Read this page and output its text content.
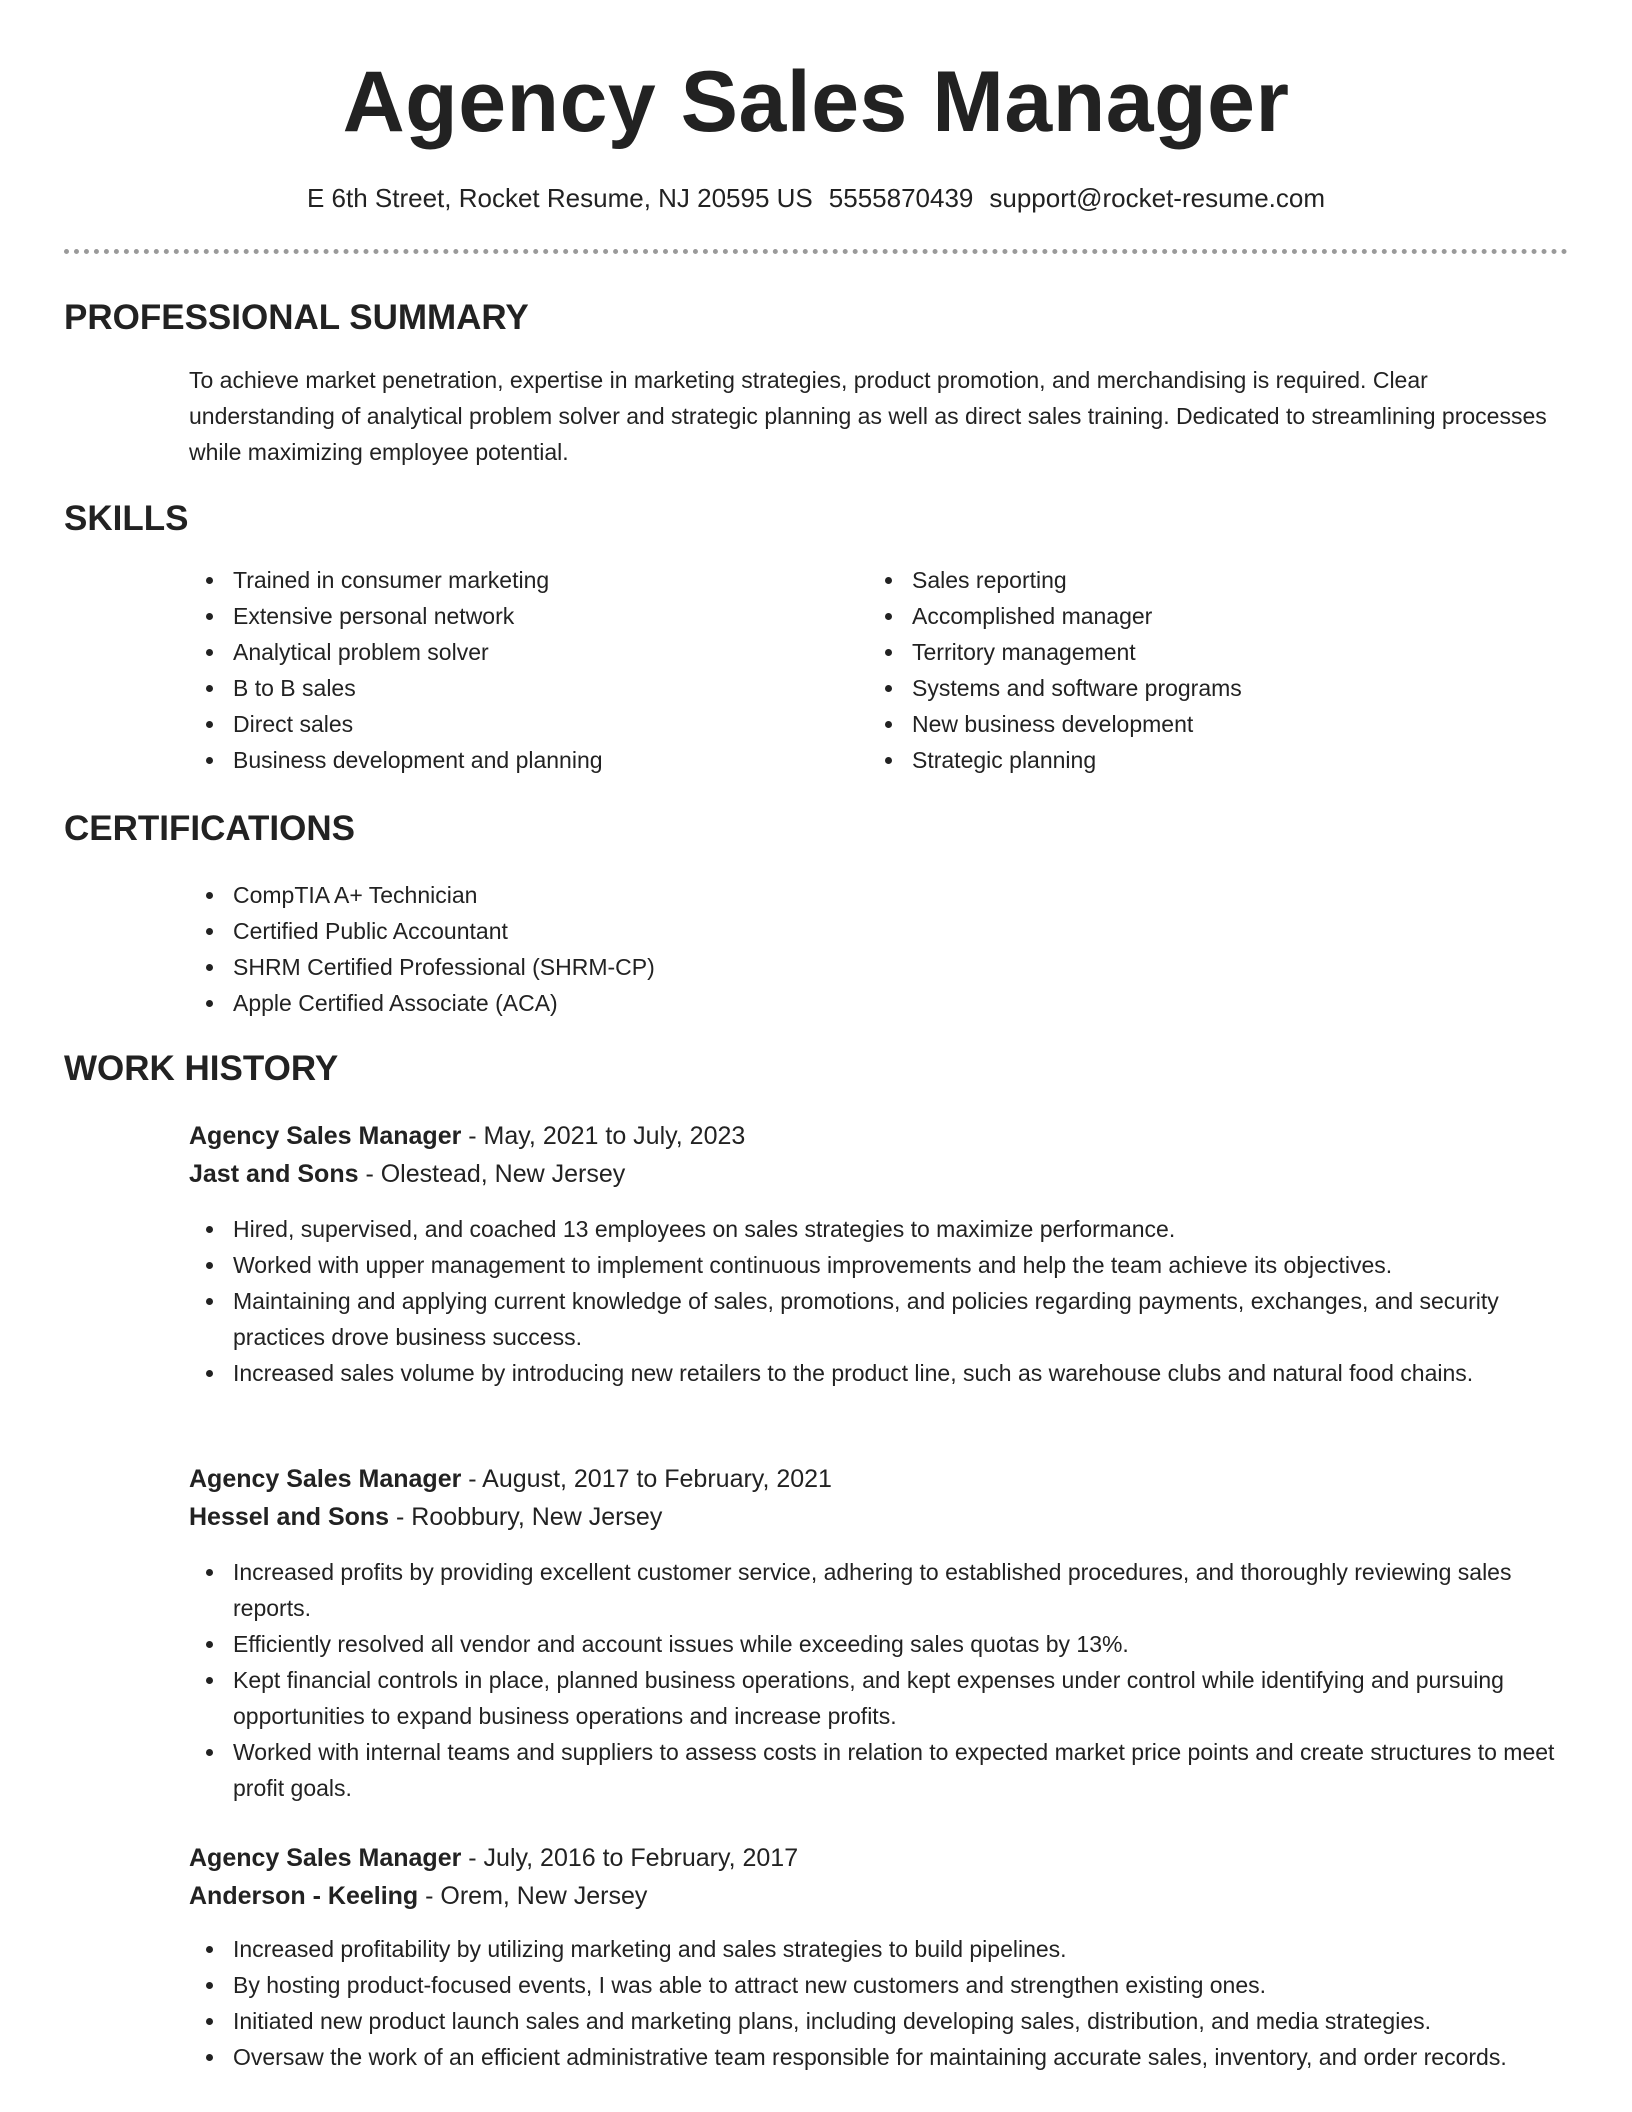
Agency Sales Manager
E 6th Street, Rocket Resume, NJ 20595 US 5555870439 support@rocket-resume.com
PROFESSIONAL SUMMARY
To achieve market penetration, expertise in marketing strategies, product promotion, and merchandising is required. Clear understanding of analytical problem solver and strategic planning as well as direct sales training. Dedicated to streamlining processes while maximizing employee potential.
SKILLS
Trained in consumer marketing
Extensive personal network
Analytical problem solver
B to B sales
Direct sales
Business development and planning
Sales reporting
Accomplished manager
Territory management
Systems and software programs
New business development
Strategic planning
CERTIFICATIONS
CompTIA A+ Technician
Certified Public Accountant
SHRM Certified Professional (SHRM-CP)
Apple Certified Associate (ACA)
WORK HISTORY
Agency Sales Manager - May, 2021 to July, 2023
Jast and Sons - Olestead, New Jersey
Hired, supervised, and coached 13 employees on sales strategies to maximize performance.
Worked with upper management to implement continuous improvements and help the team achieve its objectives.
Maintaining and applying current knowledge of sales, promotions, and policies regarding payments, exchanges, and security practices drove business success.
Increased sales volume by introducing new retailers to the product line, such as warehouse clubs and natural food chains.
Agency Sales Manager - August, 2017 to February, 2021
Hessel and Sons - Roobbury, New Jersey
Increased profits by providing excellent customer service, adhering to established procedures, and thoroughly reviewing sales reports.
Efficiently resolved all vendor and account issues while exceeding sales quotas by 13%.
Kept financial controls in place, planned business operations, and kept expenses under control while identifying and pursuing opportunities to expand business operations and increase profits.
Worked with internal teams and suppliers to assess costs in relation to expected market price points and create structures to meet profit goals.
Agency Sales Manager - July, 2016 to February, 2017
Anderson - Keeling - Orem, New Jersey
Increased profitability by utilizing marketing and sales strategies to build pipelines.
By hosting product-focused events, I was able to attract new customers and strengthen existing ones.
Initiated new product launch sales and marketing plans, including developing sales, distribution, and media strategies.
Oversaw the work of an efficient administrative team responsible for maintaining accurate sales, inventory, and order records.
